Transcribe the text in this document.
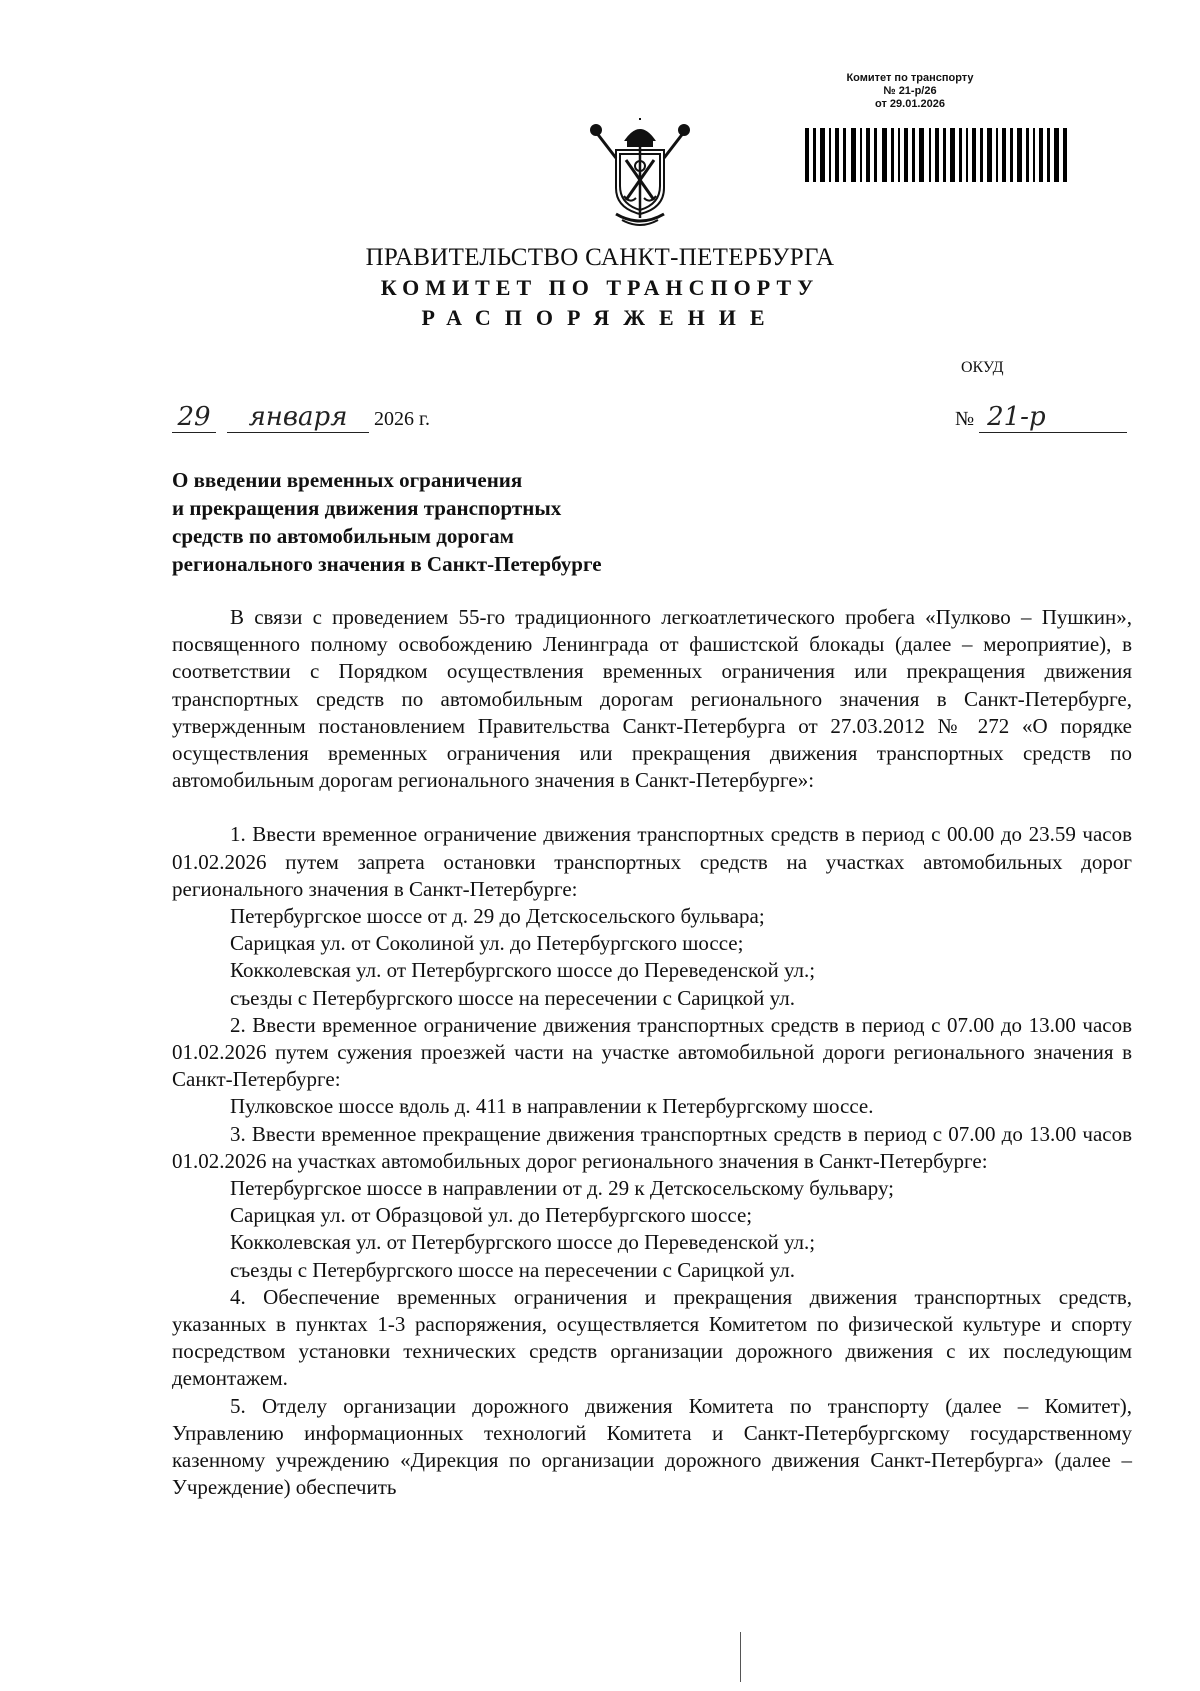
Комитет по транспорту
№ 21-р/26
от 29.01.2026
ПРАВИТЕЛЬСТВО САНКТ-ПЕТЕРБУРГА
КОМИТЕТ ПО ТРАНСПОРТУ
РАСПОРЯЖЕНИЕ
ОКУД
29 января 2026 г.	№ 21-р
О введении временных ограничения
и прекращения движения транспортных
средств по автомобильным дорогам
регионального значения в Санкт-Петербурге

В связи с проведением 55-го традиционного легкоатлетического пробега «Пулково – Пушкин», посвященного полному освобождению Ленинграда от фашистской блокады (далее – мероприятие), в соответствии с Порядком осуществления временных ограничения или прекращения движения транспортных средств по автомобильным дорогам регионального значения в Санкт-Петербурге, утвержденным постановлением Правительства Санкт-Петербурга от 27.03.2012 № 272 «О порядке осуществления временных ограничения или прекращения движения транспортных средств по автомобильным дорогам регионального значения в Санкт-Петербурге»:

1. Ввести временное ограничение движения транспортных средств в период с 00.00 до 23.59 часов 01.02.2026 путем запрета остановки транспортных средств на участках автомобильных дорог регионального значения в Санкт-Петербурге:

Петербургское шоссе от д. 29 до Детскосельского бульвара;

Сарицкая ул. от Соколиной ул. до Петербургского шоссе;

Кокколевская ул. от Петербургского шоссе до Переведенской ул.;

съезды с Петербургского шоссе на пересечении с Сарицкой ул.

2. Ввести временное ограничение движения транспортных средств в период с 07.00 до 13.00 часов 01.02.2026 путем сужения проезжей части на участке автомобильной дороги регионального значения в Санкт-Петербурге:

Пулковское шоссе вдоль д. 411 в направлении к Петербургскому шоссе.

3. Ввести временное прекращение движения транспортных средств в период с 07.00 до 13.00 часов 01.02.2026 на участках автомобильных дорог регионального значения в Санкт-Петербурге:

Петербургское шоссе в направлении от д. 29 к Детскосельскому бульвару;

Сарицкая ул. от Образцовой ул. до Петербургского шоссе;

Кокколевская ул. от Петербургского шоссе до Переведенской ул.;

съезды с Петербургского шоссе на пересечении с Сарицкой ул.

4. Обеспечение временных ограничения и прекращения движения транспортных средств, указанных в пунктах 1-3 распоряжения, осуществляется Комитетом по физической культуре и спорту посредством установки технических средств организации дорожного движения с их последующим демонтажем.

5. Отделу организации дорожного движения Комитета по транспорту (далее – Комитет), Управлению информационных технологий Комитета и Санкт-Петербургскому государственному казенному учреждению «Дирекция по организации дорожного движения Санкт-Петербурга» (далее – Учреждение) обеспечить
